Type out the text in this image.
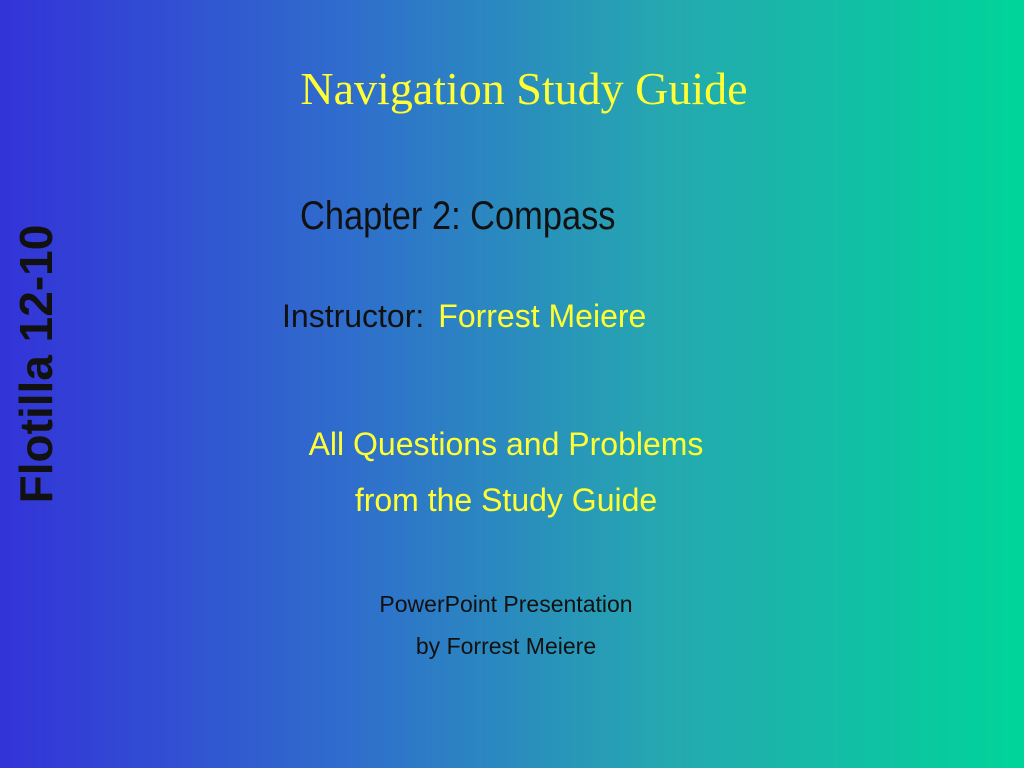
Flotilla 12-10
Navigation Study Guide
Chapter 2: Compass
Instructor: Forrest Meiere
All Questions and Problems
from the Study Guide
PowerPoint Presentation
by Forrest Meiere
